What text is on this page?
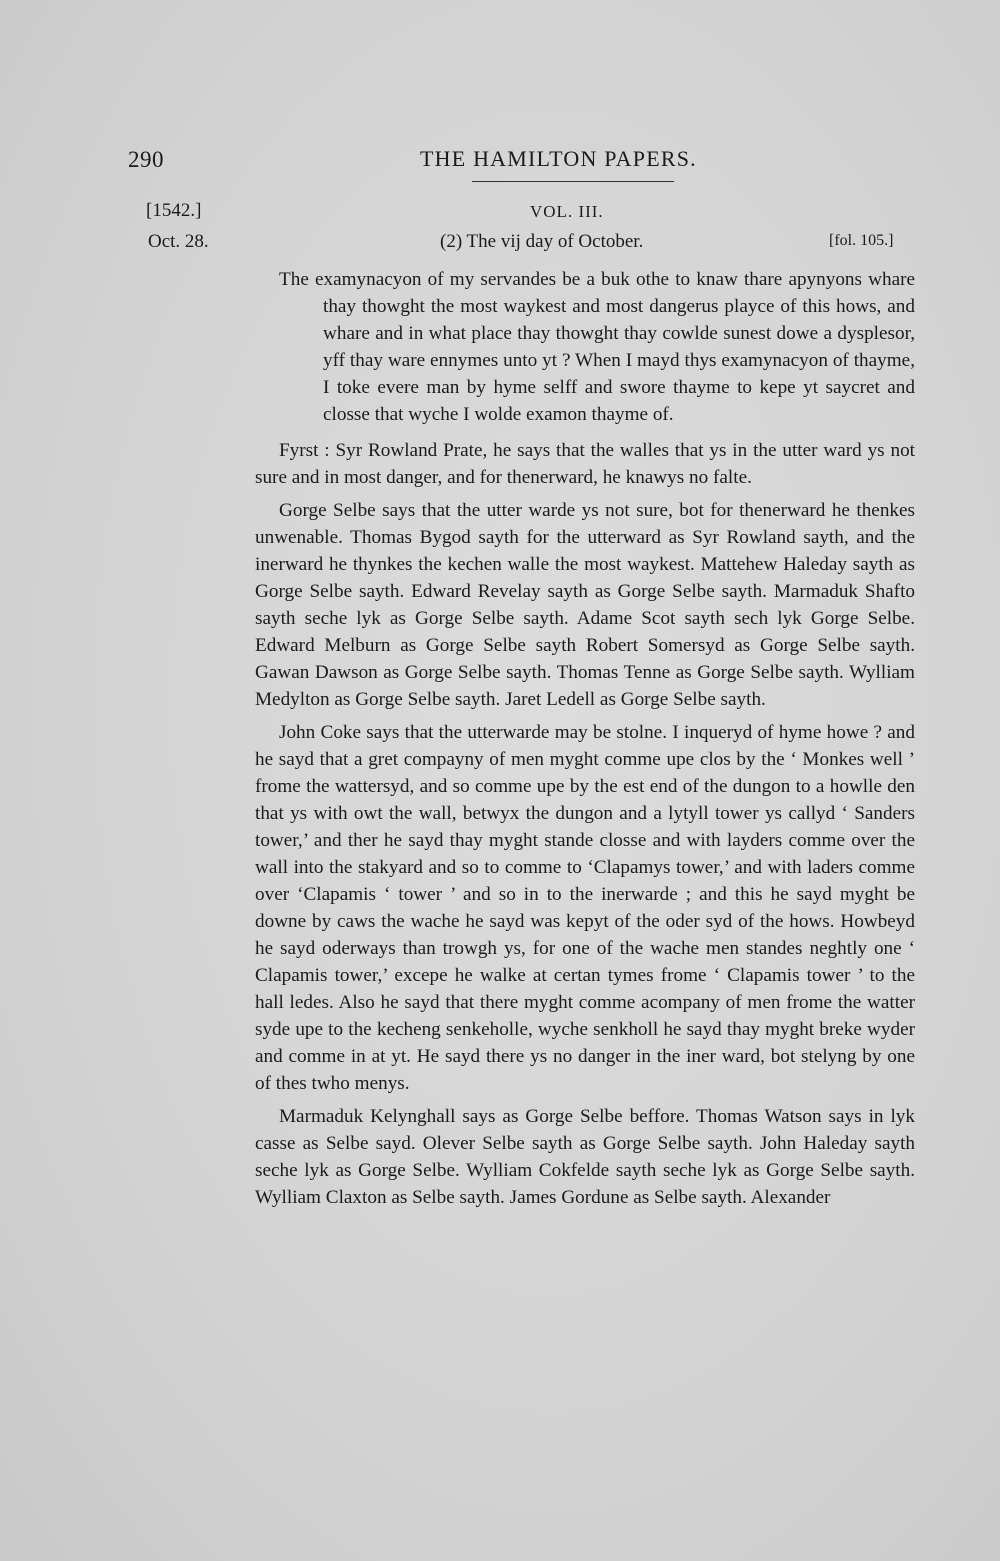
290	THE HAMILTON PAPERS.
[1542.]	VOL. III.
Oct. 28.	(2) The vij day of October.	[fol. 105.]

The examynacyon of my servandes be a buk othe to knaw thare apynyons whare thay thowght the most waykest and most dangerus playce of this hows, and whare and in what place thay thowght thay cowlde sunest dowe a dysplesor, yff thay ware ennymes unto yt ? When I mayd thys examynacyon of thayme, I toke evere man by hyme selff and swore thayme to kepe yt saycret and closse that wyche I wolde examon thayme of.

Fyrst : Syr Rowland Prate, he says that the walles that ys in the utter ward ys not sure and in most danger, and for thenerward, he knawys no falte.

Gorge Selbe says that the utter warde ys not sure, bot for thenerward he thenkes unwenable. Thomas Bygod sayth for the utterward as Syr Rowland sayth, and the inerward he thynkes the kechen walle the most waykest. Mattehew Haleday sayth as Gorge Selbe sayth. Edward Revelay sayth as Gorge Selbe sayth. Marmaduk Shafto sayth seche lyk as Gorge Selbe sayth. Adame Scot sayth sech lyk Gorge Selbe. Edward Melburn as Gorge Selbe sayth Robert Somersyd as Gorge Selbe sayth. Gawan Dawson as Gorge Selbe sayth. Thomas Tenne as Gorge Selbe sayth. Wylliam Medylton as Gorge Selbe sayth. Jaret Ledell as Gorge Selbe sayth.

John Coke says that the utterwarde may be stolne. I inqueryd of hyme howe ? and he sayd that a gret compayny of men myght comme upe clos by the ‘ Monkes well ’ frome the wattersyd, and so comme upe by the est end of the dungon to a howlle den that ys with owt the wall, betwyx the dungon and a lytyll tower ys callyd ‘ Sanders tower,’ and ther he sayd thay myght stande closse and with layders comme over the wall into the stakyard and so to comme to ‘Clapamys tower,’ and with laders comme over ‘Clapamis ‘ tower ’ and so in to the inerwarde ; and this he sayd myght be downe by caws the wache he sayd was kepyt of the oder syd of the hows. Howbeyd he sayd oderways than trowgh ys, for one of the wache men standes neghtly one ‘ Clapamis tower,’ excepe he walke at certan tymes frome ‘ Clapamis tower ’ to the hall ledes. Also he sayd that there myght comme acompany of men frome the watter syde upe to the kecheng senkeholle, wyche senkholl he sayd thay myght breke wyder and comme in at yt. He sayd there ys no danger in the iner ward, bot stelyng by one of thes twho menys.

Marmaduk Kelynghall says as Gorge Selbe beffore. Thomas Watson says in lyk casse as Selbe sayd. Olever Selbe sayth as Gorge Selbe sayth. John Haleday sayth seche lyk as Gorge Selbe. Wylliam Cokfelde sayth seche lyk as Gorge Selbe sayth. Wylliam Claxton as Selbe sayth. James Gordune as Selbe sayth. Alexander
